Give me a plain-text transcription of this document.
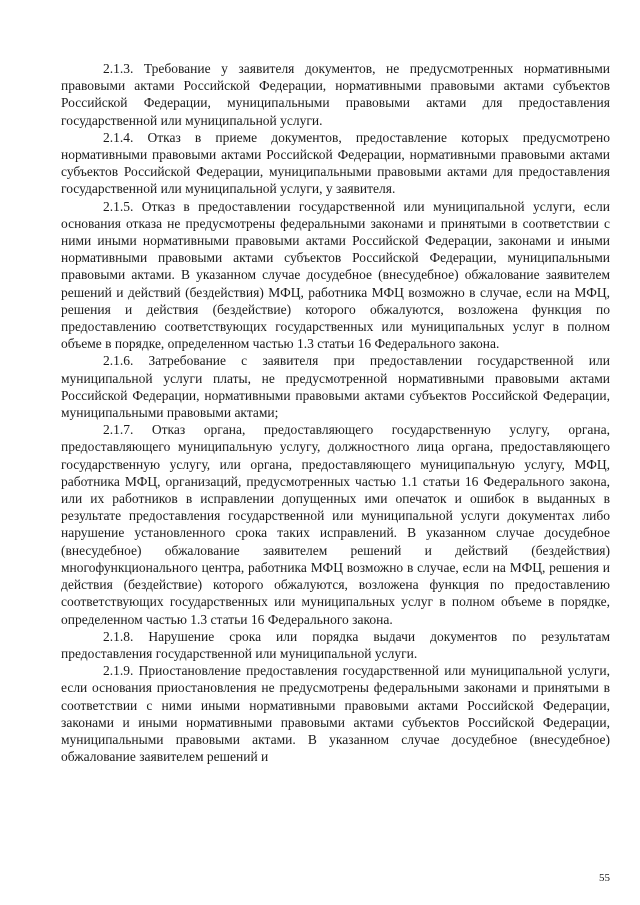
2.1.3. Требование у заявителя документов, не предусмотренных нормативными правовыми актами Российской Федерации, нормативными правовыми актами субъектов Российской Федерации, муниципальными правовыми актами для предоставления государственной или муниципальной услуги.

2.1.4. Отказ в приеме документов, предоставление которых предусмотрено нормативными правовыми актами Российской Федерации, нормативными правовыми актами субъектов Российской Федерации, муниципальными правовыми актами для предоставления государственной или муниципальной услуги, у заявителя.

2.1.5. Отказ в предоставлении государственной или муниципальной услуги, если основания отказа не предусмотрены федеральными законами и принятыми в соответствии с ними иными нормативными правовыми актами Российской Федерации, законами и иными нормативными правовыми актами субъектов Российской Федерации, муниципальными правовыми актами. В указанном случае досудебное (внесудебное) обжалование заявителем решений и действий (бездействия) МФЦ, работника МФЦ возможно в случае, если на МФЦ, решения и действия (бездействие) которого обжалуются, возложена функция по предоставлению соответствующих государственных или муниципальных услуг в полном объеме в порядке, определенном частью 1.3 статьи 16 Федерального закона.

2.1.6. Затребование с заявителя при предоставлении государственной или муниципальной услуги платы, не предусмотренной нормативными правовыми актами Российской Федерации, нормативными правовыми актами субъектов Российской Федерации, муниципальными правовыми актами;

2.1.7. Отказ органа, предоставляющего государственную услугу, органа, предоставляющего муниципальную услугу, должностного лица органа, предоставляющего государственную услугу, или органа, предоставляющего муниципальную услугу, МФЦ, работника МФЦ, организаций, предусмотренных частью 1.1 статьи 16 Федерального закона, или их работников в исправлении допущенных ими опечаток и ошибок в выданных в результате предоставления государственной или муниципальной услуги документах либо нарушение установленного срока таких исправлений. В указанном случае досудебное (внесудебное) обжалование заявителем решений и действий (бездействия) многофункционального центра, работника МФЦ возможно в случае, если на МФЦ, решения и действия (бездействие) которого обжалуются, возложена функция по предоставлению соответствующих государственных или муниципальных услуг в полном объеме в порядке, определенном частью 1.3 статьи 16 Федерального закона.

2.1.8. Нарушение срока или порядка выдачи документов по результатам предоставления государственной или муниципальной услуги.

2.1.9. Приостановление предоставления государственной или муниципальной услуги, если основания приостановления не предусмотрены федеральными законами и принятыми в соответствии с ними иными нормативными правовыми актами Российской Федерации, законами и иными нормативными правовыми актами субъектов Российской Федерации, муниципальными правовыми актами. В указанном случае досудебное (внесудебное) обжалование заявителем решений и

55
